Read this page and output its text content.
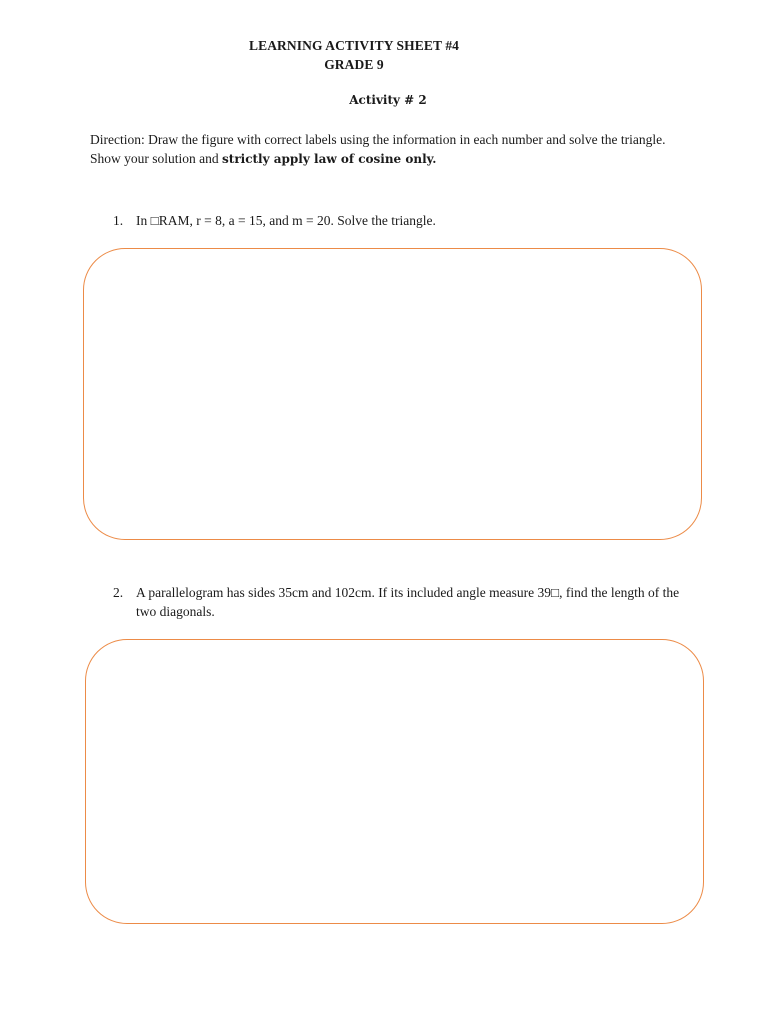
LEARNING ACTIVITY SHEET #4
GRADE 9
Activity # 2
Direction: Draw the figure with correct labels using the information in each number and solve the triangle. Show your solution and strictly apply law of cosine only.
1. In □RAM, r = 8, a = 15, and m = 20. Solve the triangle.
2. A parallelogram has sides 35cm and 102cm. If its included angle measure 39□, find the length of the two diagonals.
